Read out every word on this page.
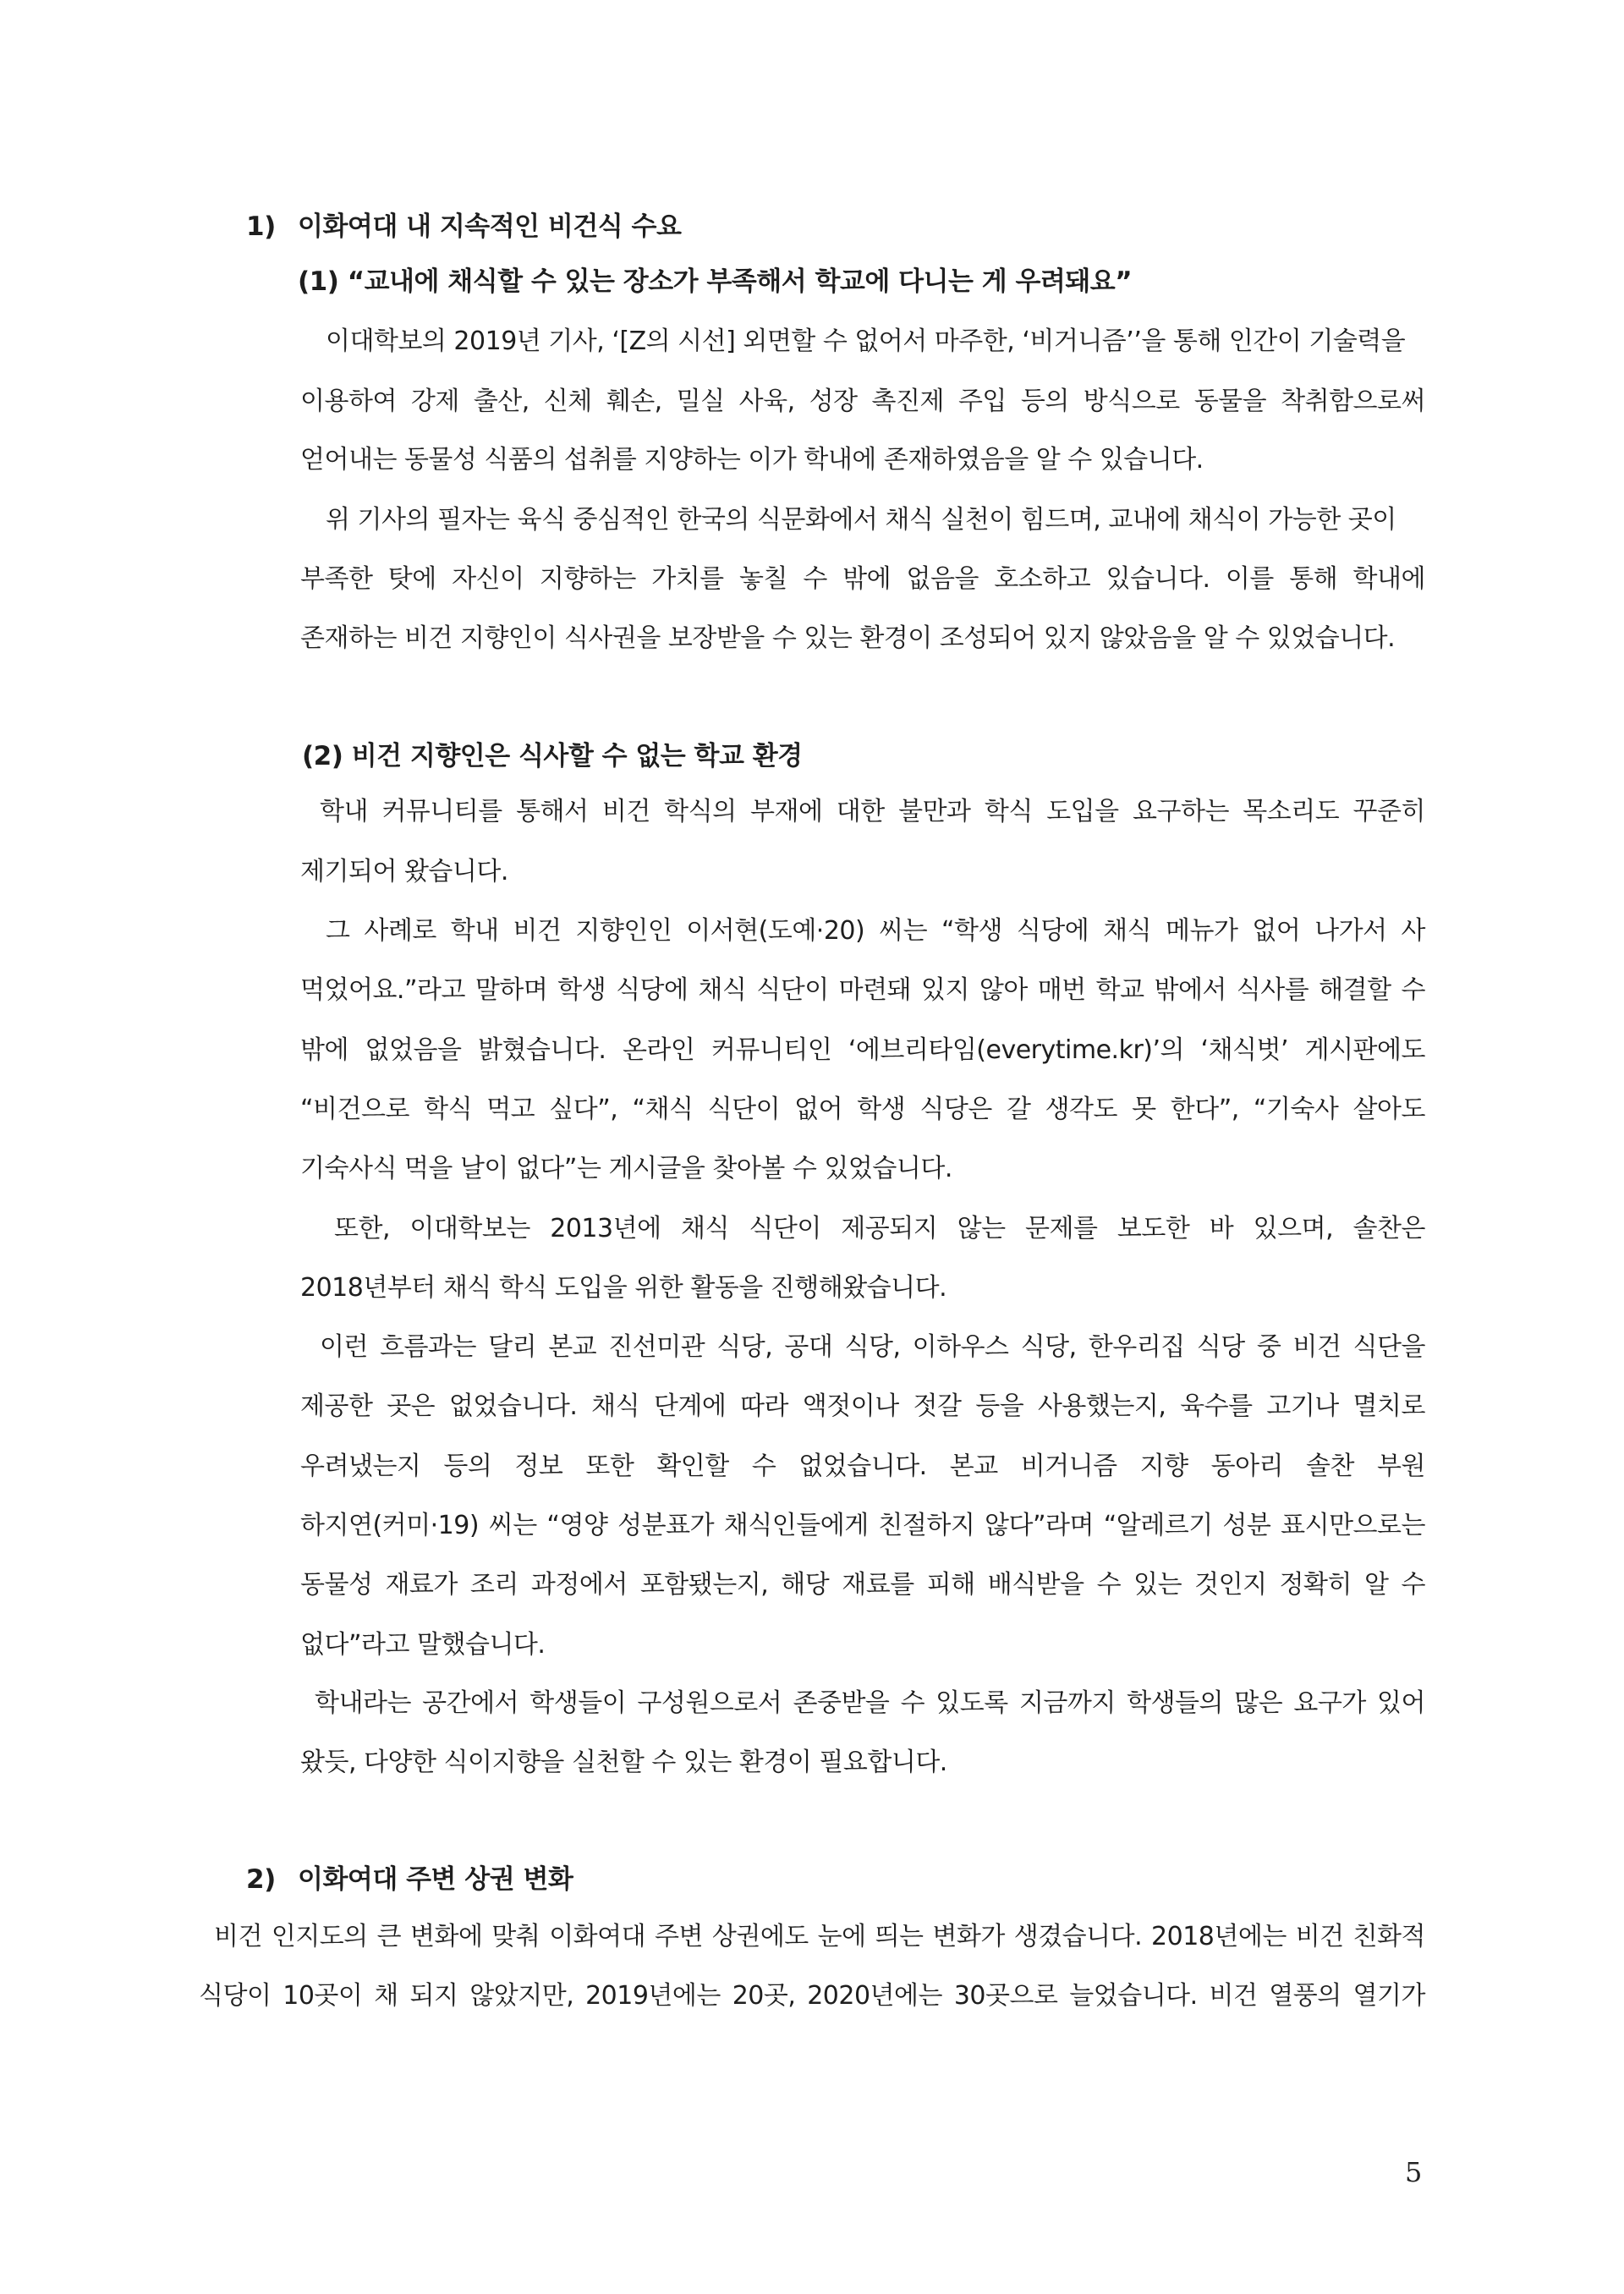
1) 이화여대 내 지속적인 비건식 수요
(1) “교내에 채식할 수 있는 장소가 부족해서 학교에 다니는 게 우려돼요”
이대학보의 2019년 기사, ‘[Z의 시선] 외면할 수 없어서 마주한, ‘비거니즘’’을 통해 인간이 기술력을
이용하여 강제 출산, 신체 훼손, 밀실 사육, 성장 촉진제 주입 등의 방식으로 동물을 착취함으로써
얻어내는 동물성 식품의 섭취를 지양하는 이가 학내에 존재하였음을 알 수 있습니다.
위 기사의 필자는 육식 중심적인 한국의 식문화에서 채식 실천이 힘드며, 교내에 채식이 가능한 곳이
부족한 탓에 자신이 지향하는 가치를 놓칠 수 밖에 없음을 호소하고 있습니다. 이를 통해 학내에
존재하는 비건 지향인이 식사권을 보장받을 수 있는 환경이 조성되어 있지 않았음을 알 수 있었습니다.
(2) 비건 지향인은 식사할 수 없는 학교 환경
학내 커뮤니티를 통해서 비건 학식의 부재에 대한 불만과 학식 도입을 요구하는 목소리도 꾸준히
제기되어 왔습니다.
그 사례로 학내 비건 지향인인 이서현(도예·20) 씨는 “학생 식당에 채식 메뉴가 없어 나가서 사
먹었어요.”라고 말하며 학생 식당에 채식 식단이 마련돼 있지 않아 매번 학교 밖에서 식사를 해결할 수
밖에 없었음을 밝혔습니다. 온라인 커뮤니티인 ‘에브리타임(everytime.kr)’의 ‘채식벗’ 게시판에도
“비건으로 학식 먹고 싶다”, “채식 식단이 없어 학생 식당은 갈 생각도 못 한다”, “기숙사 살아도
기숙사식 먹을 날이 없다”는 게시글을 찾아볼 수 있었습니다.
또한, 이대학보는 2013년에 채식 식단이 제공되지 않는 문제를 보도한 바 있으며, 솔찬은
2018년부터 채식 학식 도입을 위한 활동을 진행해왔습니다.
이런 흐름과는 달리 본교 진선미관 식당, 공대 식당, 이하우스 식당, 한우리집 식당 중 비건 식단을
제공한 곳은 없었습니다. 채식 단계에 따라 액젓이나 젓갈 등을 사용했는지, 육수를 고기나 멸치로
우려냈는지 등의 정보 또한 확인할 수 없었습니다. 본교 비거니즘 지향 동아리 솔찬 부원
하지연(커미·19) 씨는 “영양 성분표가 채식인들에게 친절하지 않다”라며 “알레르기 성분 표시만으로는
동물성 재료가 조리 과정에서 포함됐는지, 해당 재료를 피해 배식받을 수 있는 것인지 정확히 알 수
없다”라고 말했습니다.
학내라는 공간에서 학생들이 구성원으로서 존중받을 수 있도록 지금까지 학생들의 많은 요구가 있어
왔듯, 다양한 식이지향을 실천할 수 있는 환경이 필요합니다.
2) 이화여대 주변 상권 변화
비건 인지도의 큰 변화에 맞춰 이화여대 주변 상권에도 눈에 띄는 변화가 생겼습니다. 2018년에는 비건 친화적
식당이 10곳이 채 되지 않았지만, 2019년에는 20곳, 2020년에는 30곳으로 늘었습니다. 비건 열풍의 열기가
5
